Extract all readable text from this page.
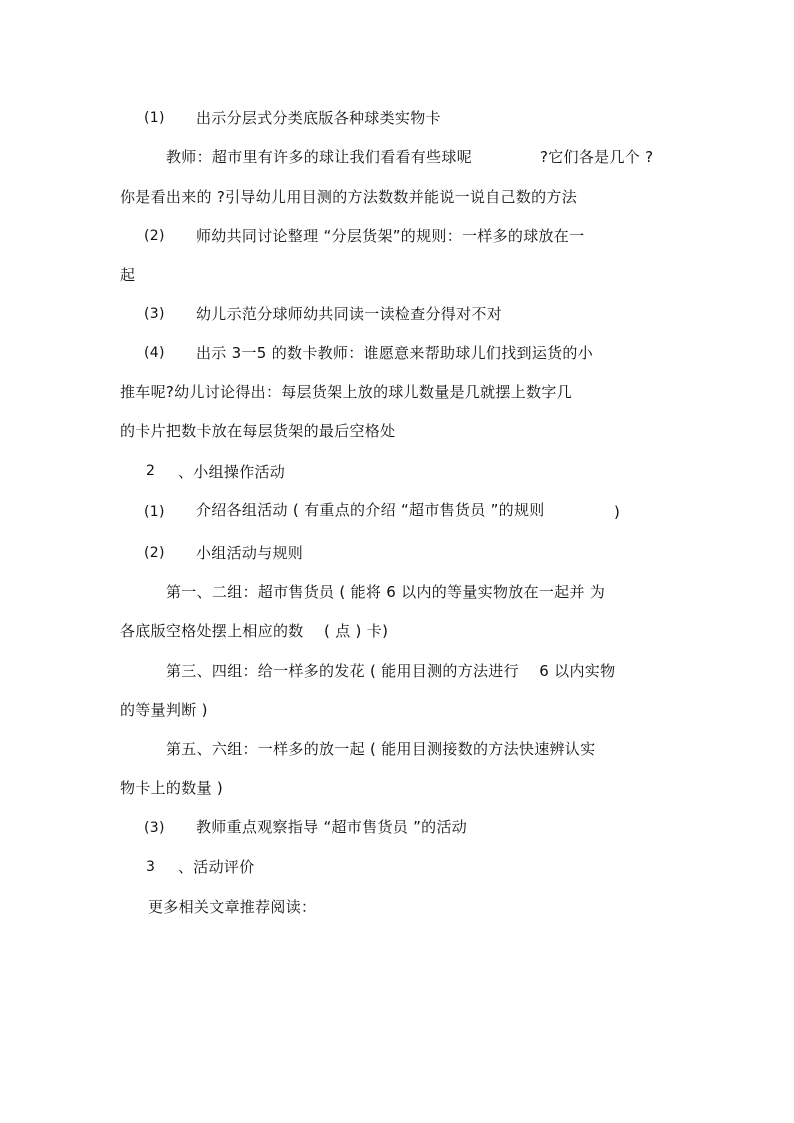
(1) 出示分层式分类底版各种球类实物卡
教师：超市里有许多的球让我们看看有些球呢	?它们各是几个 ?
你是看出来的 ?引导幼儿用目测的方法数数并能说一说自己数的方法
(2) 师幼共同讨论整理 “分层货架”的规则：一样多的球放在一
起
(3) 幼儿示范分球师幼共同读一读检查分得对不对
(4) 出示 3一5 的数卡教师：谁愿意来帮助球儿们找到运货的小
推车呢?幼儿讨论得出：每层货架上放的球儿数量是几就摆上数字几
的卡片把数卡放在每层货架的最后空格处
2 、小组操作活动
(1) 介绍各组活动 ( 有重点的介绍 “超市售货员 ”的规则	)
(2) 小组活动与规则
第一、二组：超市售货员 ( 能将 6 以内的等量实物放在一起并 为
各底版空格处摆上相应的数　 ( 点 ) 卡)
第三、四组：给一样多的发花 ( 能用目测的方法进行　 6 以内实物
的等量判断 )
第五、六组：一样多的放一起 ( 能用目测接数的方法快速辨认实
物卡上的数量 )
(3) 教师重点观察指导 “超市售货员 ”的活动
3 、活动评价
更多相关文章推荐阅读：
